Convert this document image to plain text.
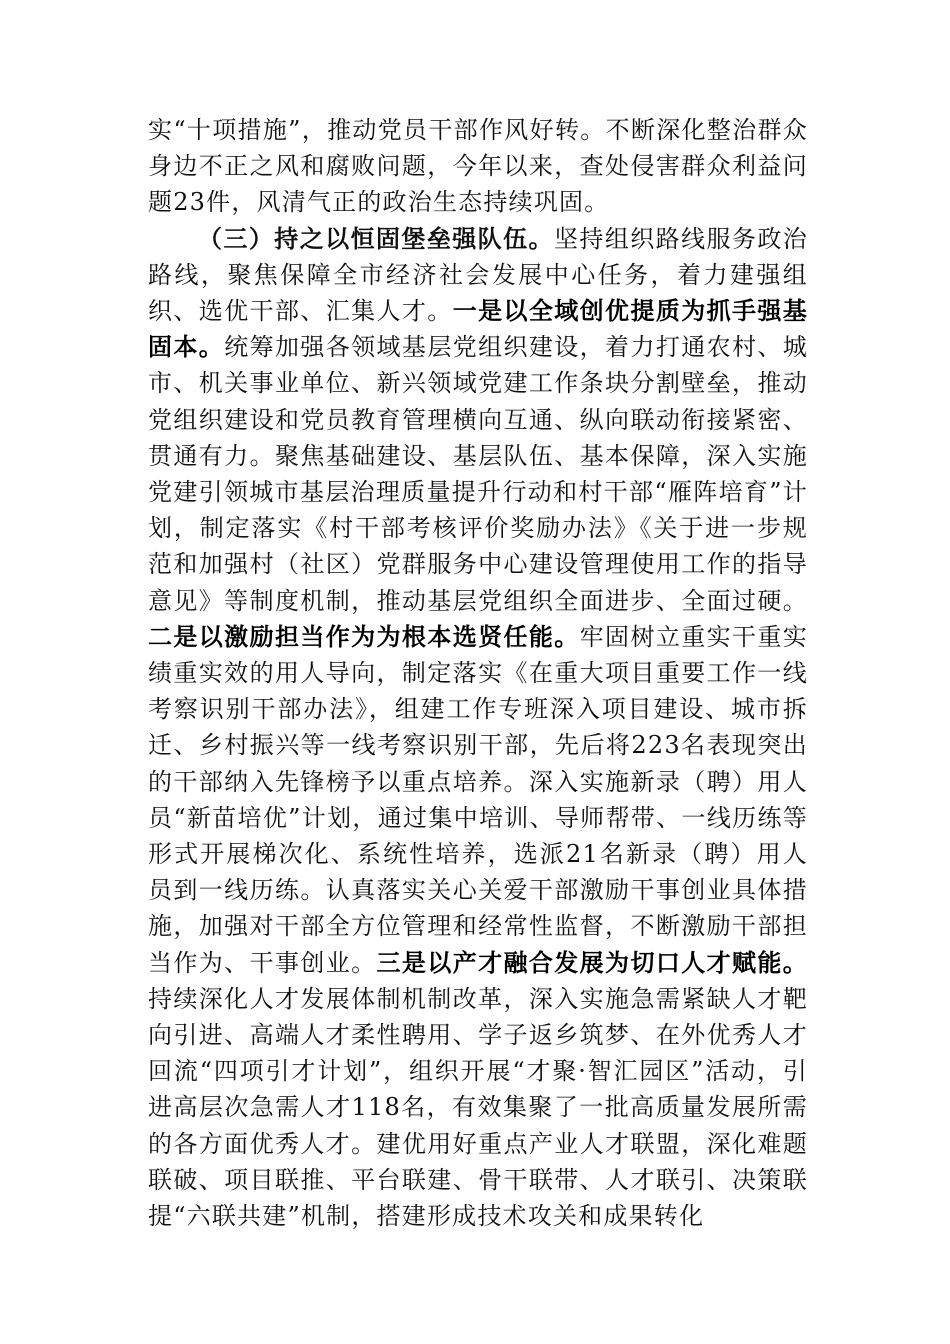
实“十项措施”，推动党员干部作风好转。不断深化整治群众身边不正之风和腐败问题，今年以来，查处侵害群众利益问题23件，风清气正的政治生态持续巩固。

（三）持之以恒固堡垒强队伍。坚持组织路线服务政治路线，聚焦保障全市经济社会发展中心任务，着力建强组织、选优干部、汇集人才。一是以全域创优提质为抓手强基固本。统筹加强各领域基层党组织建设，着力打通农村、城市、机关事业单位、新兴领域党建工作条块分割壁垒，推动党组织建设和党员教育管理横向互通、纵向联动衔接紧密、贯通有力。聚焦基础建设、基层队伍、基本保障，深入实施党建引领城市基层治理质量提升行动和村干部“雁阵培育”计划，制定落实《村干部考核评价奖励办法》《关于进一步规范和加强村（社区）党群服务中心建设管理使用工作的指导意见》等制度机制，推动基层党组织全面进步、全面过硬。二是以激励担当作为为根本选贤任能。牢固树立重实干重实绩重实效的用人导向，制定落实《在重大项目重要工作一线考察识别干部办法》，组建工作专班深入项目建设、城市拆迁、乡村振兴等一线考察识别干部，先后将223名表现突出的干部纳入先锋榜予以重点培养。深入实施新录（聘）用人员“新苗培优”计划，通过集中培训、导师帮带、一线历练等形式开展梯次化、系统性培养，选派21名新录（聘）用人员到一线历练。认真落实关心关爱干部激励干事创业具体措施，加强对干部全方位管理和经常性监督，不断激励干部担当作为、干事创业。三是以产才融合发展为切口人才赋能。持续深化人才发展体制机制改革，深入实施急需紧缺人才靶向引进、高端人才柔性聘用、学子返乡筑梦、在外优秀人才回流“四项引才计划”，组织开展“才聚·智汇园区”活动，引进高层次急需人才118名，有效集聚了一批高质量发展所需的各方面优秀人才。建优用好重点产业人才联盟，深化难题联破、项目联推、平台联建、骨干联带、人才联引、决策联提“六联共建”机制，搭建形成技术攻关和成果转化
